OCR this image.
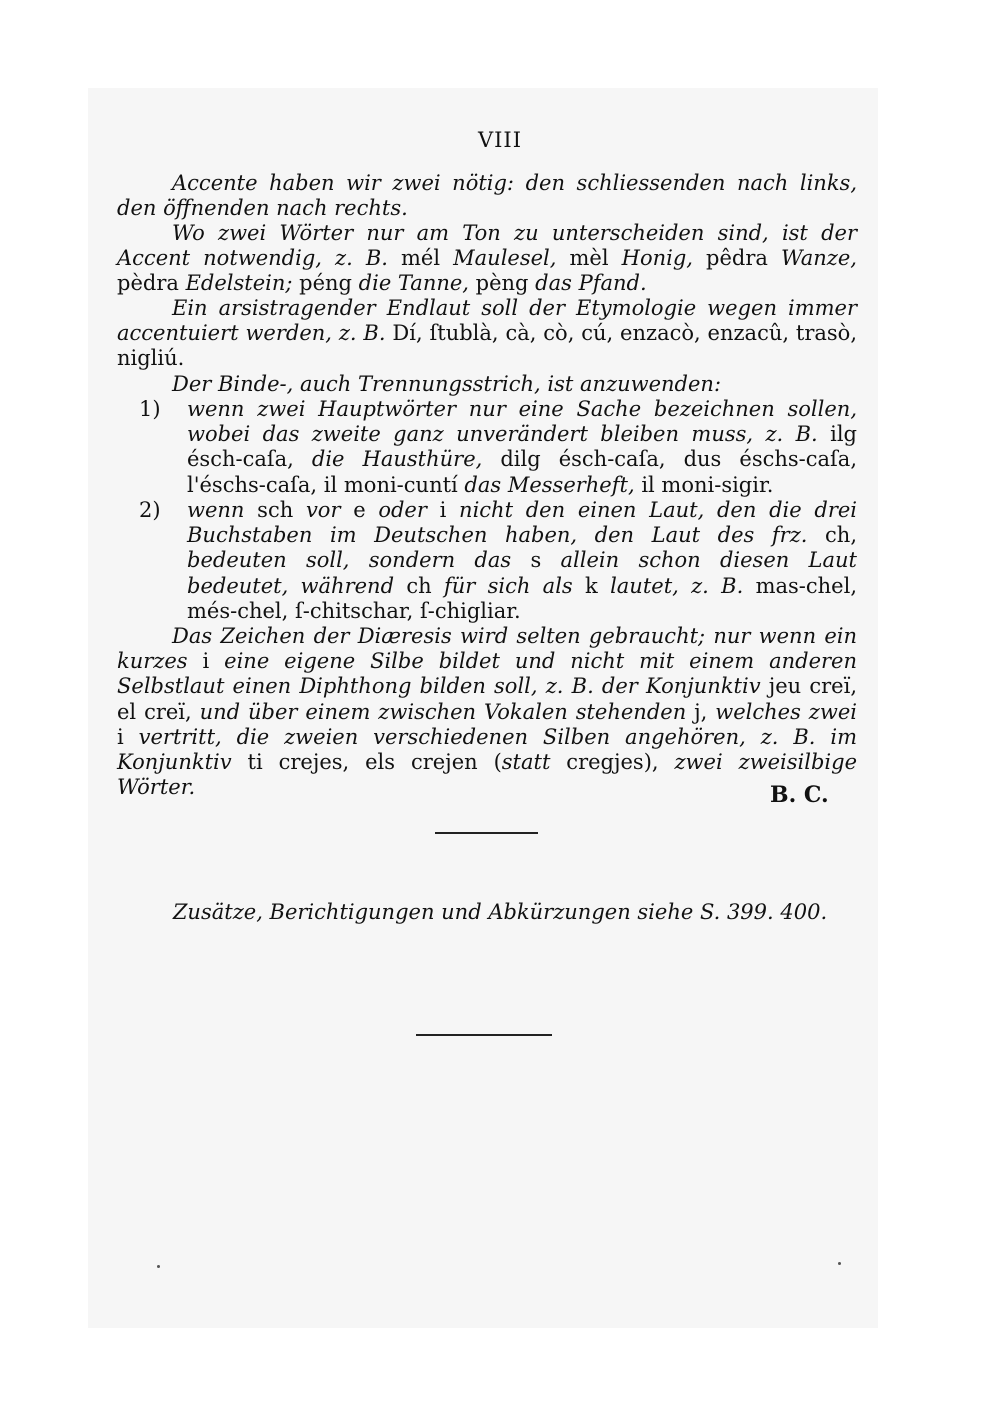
VIII

Accente haben wir zwei nötig: den schliessenden nach links, den öffnenden nach rechts.

Wo zwei Wörter nur am Ton zu unterscheiden sind, ist der Accent notwendig, z. B. mél Maulesel, mèl Honig, pêdra Wanze, pèdra Edelstein; péng die Tanne, pèng das Pfand.

Ein arsistragender Endlaut soll der Etymologie wegen immer accentuiert werden, z. B. Dí, ſtublà, cà, cò, cú, enzacò, enzacû, trasò, nigliú.

Der Binde-, auch Trennungsstrich, ist anzuwenden:

1)	wenn zwei Hauptwörter nur eine Sache bezeichnen sollen, wobei das zweite ganz unverändert bleiben muss, z. B. ilg ésch-caſa, die Hausthüre, dilg ésch-caſa, dus éschs-caſa, l'éschs-caſa, il moni-cuntí das Messerheft, il moni-sigir.
2)	wenn sch vor e oder i nicht den einen Laut, den die drei Buchstaben im Deutschen haben, den Laut des frz. ch, bedeuten soll, sondern das s allein schon diesen Laut bedeutet, während ch für sich als k lautet, z. B. mas-chel, més-chel, ſ-chitschar, ſ-chigliar.

Das Zeichen der Diæresis wird selten gebraucht; nur wenn ein kurzes i eine eigene Silbe bildet und nicht mit einem anderen Selbstlaut einen Diphthong bilden soll, z. B. der Konjunktiv jeu creï, el creï, und über einem zwischen Vokalen stehenden j, welches zwei i vertritt, die zweien verschiedenen Silben angehören, z. B. im Konjunktiv ti crejes, els crejen (statt cregjes), zwei zweisilbige Wörter.	B. C.
Zusätze, Berichtigungen und Abkürzungen siehe S. 399. 400.
